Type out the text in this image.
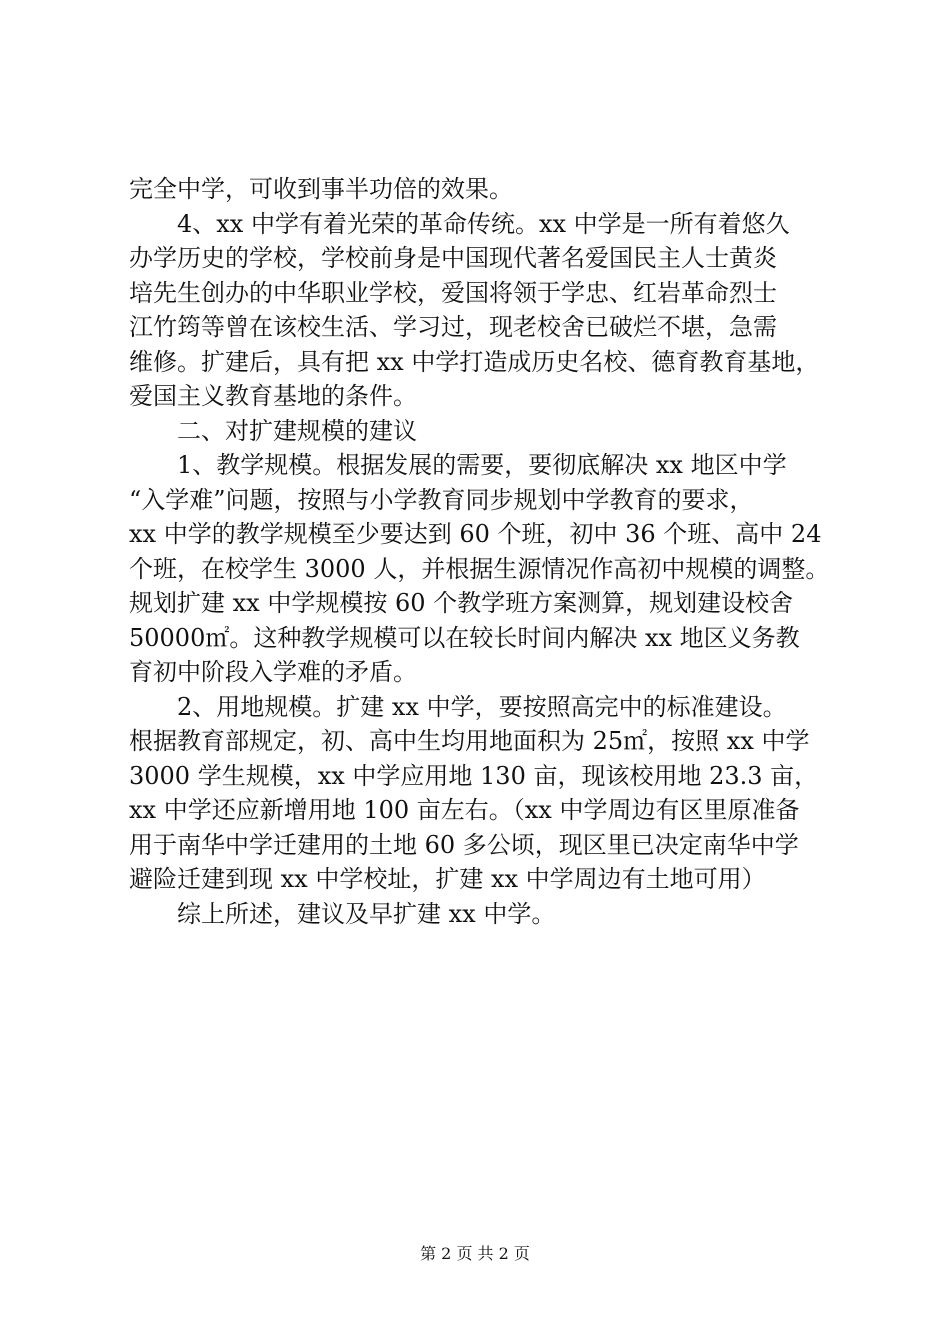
完全中学，可收到事半功倍的效果。
4、xx 中学有着光荣的革命传统。xx 中学是一所有着悠久
办学历史的学校，学校前身是中国现代著名爱国民主人士黄炎
培先生创办的中华职业学校，爱国将领于学忠、红岩革命烈士
江竹筠等曾在该校生活、学习过，现老校舍已破烂不堪，急需
维修。扩建后，具有把 xx 中学打造成历史名校、德育教育基地，
爱国主义教育基地的条件。
二、对扩建规模的建议
1、教学规模。根据发展的需要，要彻底解决 xx 地区中学
“入学难”问题，按照与小学教育同步规划中学教育的要求，
xx 中学的教学规模至少要达到 60 个班，初中 36 个班、高中 24
个班，在校学生 3000 人，并根据生源情况作高初中规模的调整。
规划扩建 xx 中学规模按 60 个教学班方案测算，规划建设校舍
50000㎡。这种教学规模可以在较长时间内解决 xx 地区义务教
育初中阶段入学难的矛盾。
2、用地规模。扩建 xx 中学，要按照高完中的标准建设。
根据教育部规定，初、高中生均用地面积为 25㎡，按照 xx 中学
3000 学生规模，xx 中学应用地 130 亩，现该校用地 23.3 亩，
xx 中学还应新增用地 100 亩左右。（xx 中学周边有区里原准备
用于南华中学迁建用的土地 60 多公顷，现区里已决定南华中学
避险迁建到现 xx 中学校址，扩建 xx 中学周边有土地可用）
综上所述，建议及早扩建 xx 中学。
第 2 页 共 2 页
